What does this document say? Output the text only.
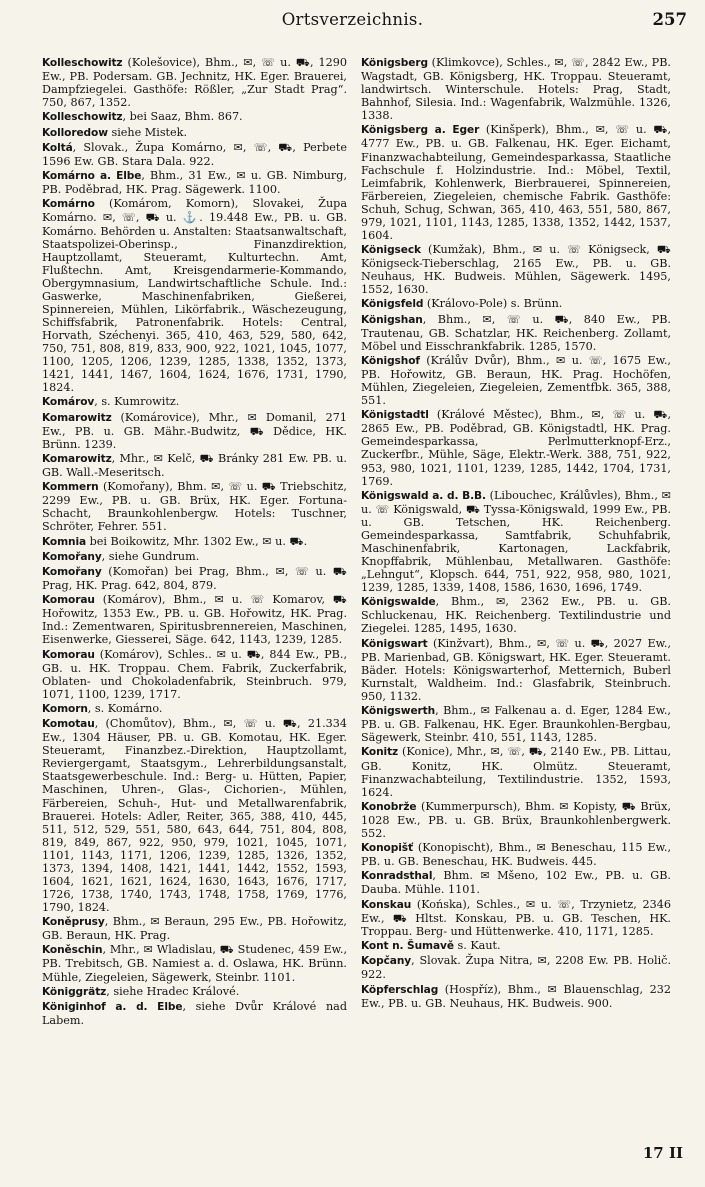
Ortsverzeichnis.	257

Kolleschowitz (Kolešovice), Bhm., ✉, ☏ u. ⛟, 1290 Ew., PB. Podersam. GB. Jechnitz, HK. Eger. Brauerei, Dampfziegelei. Gasthöfe: Rößler, „Zur Stadt Prag“. 750, 867, 1352.

Kolleschowitz, bei Saaz, Bhm. 867.

Kolloredow siehe Mistek.

Koltá, Slovak., Župa Komárno, ✉, ☏, ⛟, Perbete 1596 Ew. GB. Stara Dala. 922.

Komárno a. Elbe, Bhm., 31 Ew., ✉ u. GB. Nimburg, PB. Poděbrad, HK. Prag. Sägewerk. 1100.

Komárno (Komárom, Komorn), Slovakei, Župa Komárno. ✉, ☏, ⛟ u. ⚓. 19.448 Ew., PB. u. GB. Komárno. Behörden u. Anstalten: Staatsanwaltschaft, Staatspolizei-Oberinsp., Finanzdirektion, Hauptzollamt, Steueramt, Kulturtechn. Amt, Flußtechn. Amt, Kreisgendarmerie-Kommando, Obergymnasium, Landwirtschaftliche Schule. Ind.: Gaswerke, Maschinenfabriken, Gießerei, Spinnereien, Mühlen, Likörfabrik., Wäschezeugung, Schiffsfabrik, Patronenfabrik. Hotels: Central, Horvath, Széchenyi. 365, 410, 463, 529, 580, 642, 750, 751, 808, 819, 833, 900, 922, 1021, 1045, 1077, 1100, 1205, 1206, 1239, 1285, 1338, 1352, 1373, 1421, 1441, 1467, 1604, 1624, 1676, 1731, 1790, 1824.

Komárov, s. Kumrowitz.

Komarowitz (Komárovice), Mhr., ✉ Domanil, 271 Ew., PB. u. GB. Mähr.-Budwitz, ⛟ Dědice, HK. Brünn. 1239.

Komarowitz, Mhr., ✉ Kelč, ⛟ Bránky 281 Ew. PB. u. GB. Wall.-Meseritsch.

Kommern (Komořany), Bhm. ✉, ☏ u. ⛟ Triebschitz, 2299 Ew., PB. u. GB. Brüx, HK. Eger. Fortuna-Schacht, Braunkohlenbergw. Hotels: Tuschner, Schröter, Fehrer. 551.

Komnia bei Boikowitz, Mhr. 1302 Ew., ✉ u. ⛟.

Komořany, siehe Gundrum.

Komořany (Komořan) bei Prag, Bhm., ✉, ☏ u. ⛟ Prag, HK. Prag. 642, 804, 879.

Komorau (Komárov), Bhm., ✉ u. ☏ Komarov, ⛟ Hořowitz, 1353 Ew., PB. u. GB. Hořowitz, HK. Prag. Ind.: Zementwaren, Spiritusbrennereien, Maschinen, Eisenwerke, Giesserei, Säge. 642, 1143, 1239, 1285.

Komorau (Komárov), Schles.. ✉ u. ⛟, 844 Ew., PB., GB. u. HK. Troppau. Chem. Fabrik, Zuckerfabrik, Oblaten- und Chokoladenfabrik, Steinbruch. 979, 1071, 1100, 1239, 1717.

Komorn, s. Komárno.

Komotau, (Chomůtov), Bhm., ✉, ☏ u. ⛟, 21.334 Ew., 1304 Häuser, PB. u. GB. Komotau, HK. Eger. Steueramt, Finanzbez.-Direktion, Hauptzollamt, Reviergergamt, Staatsgym., Lehrerbildungsanstalt, Staatsgewerbeschule. Ind.: Berg- u. Hütten, Papier, Maschinen, Uhren-, Glas-, Cichorien-, Mühlen, Färbereien, Schuh-, Hut- und Metallwarenfabrik, Brauerei. Hotels: Adler, Reiter, 365, 388, 410, 445, 511, 512, 529, 551, 580, 643, 644, 751, 804, 808, 819, 849, 867, 922, 950, 979, 1021, 1045, 1071, 1101, 1143, 1171, 1206, 1239, 1285, 1326, 1352, 1373, 1394, 1408, 1421, 1441, 1442, 1552, 1593, 1604, 1621, 1621, 1624, 1630, 1643, 1676, 1717, 1726, 1738, 1740, 1743, 1748, 1758, 1769, 1776, 1790, 1824.

Koněprusy, Bhm., ✉ Beraun, 295 Ew., PB. Hořowitz, GB. Beraun, HK. Prag.

Koněschin, Mhr., ✉ Wladislau, ⛟ Studenec, 459 Ew., PB. Trebitsch, GB. Namiest a. d. Oslawa, HK. Brünn. Mühle, Ziegeleien, Sägewerk, Steinbr. 1101.

Königgrätz, siehe Hradec Králové.

Königinhof a. d. Elbe, siehe Dvůr Králové nad Labem.

Königsberg (Klimkovce), Schles., ✉, ☏, 2842 Ew., PB. Wagstadt, GB. Königsberg, HK. Troppau. Steueramt, landwirtsch. Winterschule. Hotels: Prag, Stadt, Bahnhof, Silesia. Ind.: Wagenfabrik, Walzmühle. 1326, 1338.

Königsberg a. Eger (Kinšperk), Bhm., ✉, ☏ u. ⛟, 4777 Ew., PB. u. GB. Falkenau, HK. Eger. Eichamt, Finanzwachabteilung, Gemeindesparkassa, Staatliche Fachschule f. Holzindustrie. Ind.: Möbel, Textil, Leimfabrik, Kohlenwerk, Bierbrauerei, Spinnereien, Färbereien, Ziegeleien, chemische Fabrik. Gasthöfe: Schuh, Schug, Schwan, 365, 410, 463, 551, 580, 867, 979, 1021, 1101, 1143, 1285, 1338, 1352, 1442, 1537, 1604.

Königseck (Kumžak), Bhm., ✉ u. ☏ Königseck, ⛟ Königseck-Tieberschlag, 2165 Ew., PB. u. GB. Neuhaus, HK. Budweis. Mühlen, Sägewerk. 1495, 1552, 1630.

Königsfeld (Královo-Pole) s. Brünn.

Königshan, Bhm., ✉, ☏ u. ⛟, 840 Ew., PB. Trautenau, GB. Schatzlar, HK. Reichenberg. Zollamt, Möbel und Eisschrankfabrik. 1285, 1570.

Königshof (Králův Dvůr), Bhm., ✉ u. ☏, 1675 Ew., PB. Hořowitz, GB. Beraun, HK. Prag. Hochöfen, Mühlen, Ziegeleien, Ziegeleien, Zementfbk. 365, 388, 551.

Königstadtl (Králové Městec), Bhm., ✉, ☏ u. ⛟, 2865 Ew., PB. Poděbrad, GB. Königstadtl, HK. Prag. Gemeindesparkassa, Perlmutterknopf-Erz., Zuckerfbr., Mühle, Säge, Elektr.-Werk. 388, 751, 922, 953, 980, 1021, 1101, 1239, 1285, 1442, 1704, 1731, 1769.

Königswald a. d. B.B. (Libouchec, Králůvles), Bhm., ✉ u. ☏ Königswald, ⛟ Tyssa-Königswald, 1999 Ew., PB. u. GB. Tetschen, HK. Reichenberg. Gemeindesparkassa, Samtfabrik, Schuhfabrik, Maschinenfabrik, Kartonagen, Lackfabrik, Knopffabrik, Mühlenbau, Metallwaren. Gasthöfe: „Lehngut“, Klopsch. 644, 751, 922, 958, 980, 1021, 1239, 1285, 1339, 1408, 1586, 1630, 1696, 1749.

Königswalde, Bhm., ✉, 2362 Ew., PB. u. GB. Schluckenau, HK. Reichenberg. Textilindustrie und Ziegelei. 1285, 1495, 1630.

Königswart (Kinžvart), Bhm., ✉, ☏ u. ⛟, 2027 Ew., PB. Marienbad, GB. Königswart, HK. Eger. Steueramt. Bäder. Hotels: Königswarterhof, Metternich, Buberl Kurnstalt, Waldheim. Ind.: Glasfabrik, Steinbruch. 950, 1132.

Königswerth, Bhm., ✉ Falkenau a. d. Eger, 1284 Ew., PB. u. GB. Falkenau, HK. Eger. Braunkohlen-Bergbau, Sägewerk, Steinbr. 410, 551, 1143, 1285.

Konitz (Konice), Mhr., ✉, ☏, ⛟, 2140 Ew., PB. Littau, GB. Konitz, HK. Olmütz. Steueramt, Finanzwachabteilung, Textilindustrie. 1352, 1593, 1624.

Konobrže (Kummerpursch), Bhm. ✉ Kopisty, ⛟ Brüx, 1028 Ew., PB. u. GB. Brüx, Braunkohlenbergwerk. 552.

Konopišť (Konopischt), Bhm., ✉ Beneschau, 115 Ew., PB. u. GB. Beneschau, HK. Budweis. 445.

Konradsthal, Bhm. ✉ Mšeno, 102 Ew., PB. u. GB. Dauba. Mühle. 1101.

Konskau (Końska), Schles., ✉ u. ☏, Trzynietz, 2346 Ew., ⛟ Hltst. Konskau, PB. u. GB. Teschen, HK. Troppau. Berg- und Hüttenwerke. 410, 1171, 1285.

Kont n. Šumavě s. Kaut.

Kopčany, Slovak. Župa Nitra, ✉, 2208 Ew. PB. Holič. 922.

Köpferschlag (Hospříz), Bhm., ✉ Blauenschlag, 232 Ew., PB. u. GB. Neuhaus, HK. Budweis. 900.

17 II
